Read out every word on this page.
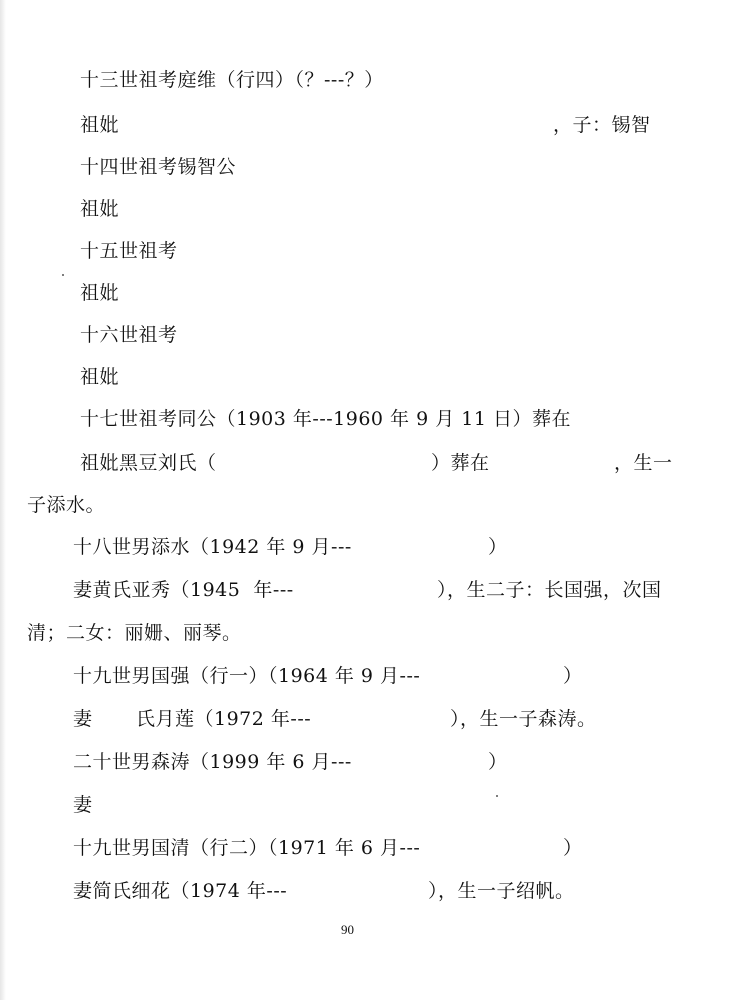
十三世祖考庭维（行四）（？---？）
祖妣	，子：锡智
十四世祖考锡智公
祖妣
十五世祖考
祖妣
十六世祖考
祖妣
十七世祖考同公（1903 年---1960 年 9 月 11 日）葬在
祖妣黑豆刘氏（	）葬在	，生一
子添水。
十八世男添水（1942 年 9 月---	）
妻黄氏亚秀（1945  年---	），生二子：长国强，次国
清；二女：丽姗、丽琴。
十九世男国强（行一）（1964 年 9 月---	）
妻 氏月莲（1972 年---	），生一子森涛。
二十世男森涛（1999 年 6 月---	）
妻
十九世男国清（行二）（1971 年 6 月---	）
妻简氏细花（1974 年---	），生一子绍帆。
90
